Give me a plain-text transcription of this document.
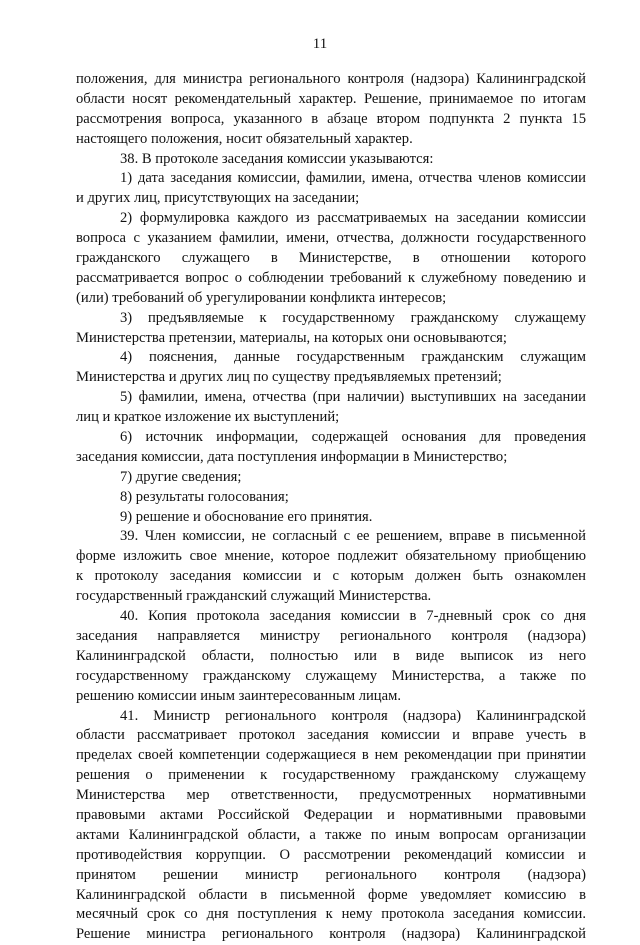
11
положения, для министра регионального контроля (надзора) Калининградской
области носят рекомендательный характер. Решение, принимаемое по итогам
рассмотрения вопроса, указанного в абзаце втором подпункта 2 пункта 15
настоящего положения, носит обязательный характер.
38. В протоколе заседания комиссии указываются:
1) дата заседания комиссии, фамилии, имена, отчества членов комиссии
и других лиц, присутствующих на заседании;
2) формулировка каждого из рассматриваемых на заседании комиссии
вопроса с указанием фамилии, имени, отчества, должности государственного
гражданского служащего в Министерстве, в отношении которого
рассматривается вопрос о соблюдении требований к служебному поведению и
(или) требований об урегулировании конфликта интересов;
3) предъявляемые к государственному гражданскому служащему
Министерства претензии, материалы, на которых они основываются;
4) пояснения, данные государственным гражданским служащим
Министерства и других лиц по существу предъявляемых претензий;
5) фамилии, имена, отчества (при наличии) выступивших на заседании
лиц и краткое изложение их выступлений;
6) источник информации, содержащей основания для проведения
заседания комиссии, дата поступления информации в Министерство;
7) другие сведения;
8) результаты голосования;
9) решение и обоснование его принятия.
39. Член комиссии, не согласный с ее решением, вправе в письменной
форме изложить свое мнение, которое подлежит обязательному приобщению
к протоколу заседания комиссии и с которым должен быть ознакомлен
государственный гражданский служащий Министерства.
40. Копия протокола заседания комиссии в 7-дневный срок со дня
заседания направляется министру регионального контроля (надзора)
Калининградской области, полностью или в виде выписок из него
государственному гражданскому служащему Министерства, а также по
решению комиссии иным заинтересованным лицам.
41. Министр регионального контроля (надзора) Калининградской
области рассматривает протокол заседания комиссии и вправе учесть в
пределах своей компетенции содержащиеся в нем рекомендации при принятии
решения о применении к государственному гражданскому служащему
Министерства мер ответственности, предусмотренных нормативными
правовыми актами Российской Федерации и нормативными правовыми
актами Калининградской области, а также по иным вопросам организации
противодействия коррупции. О рассмотрении рекомендаций комиссии и
принятом решении министр регионального контроля (надзора)
Калининградской области в письменной форме уведомляет комиссию в
месячный срок со дня поступления к нему протокола заседания комиссии.
Решение министра регионального контроля (надзора) Калининградской
